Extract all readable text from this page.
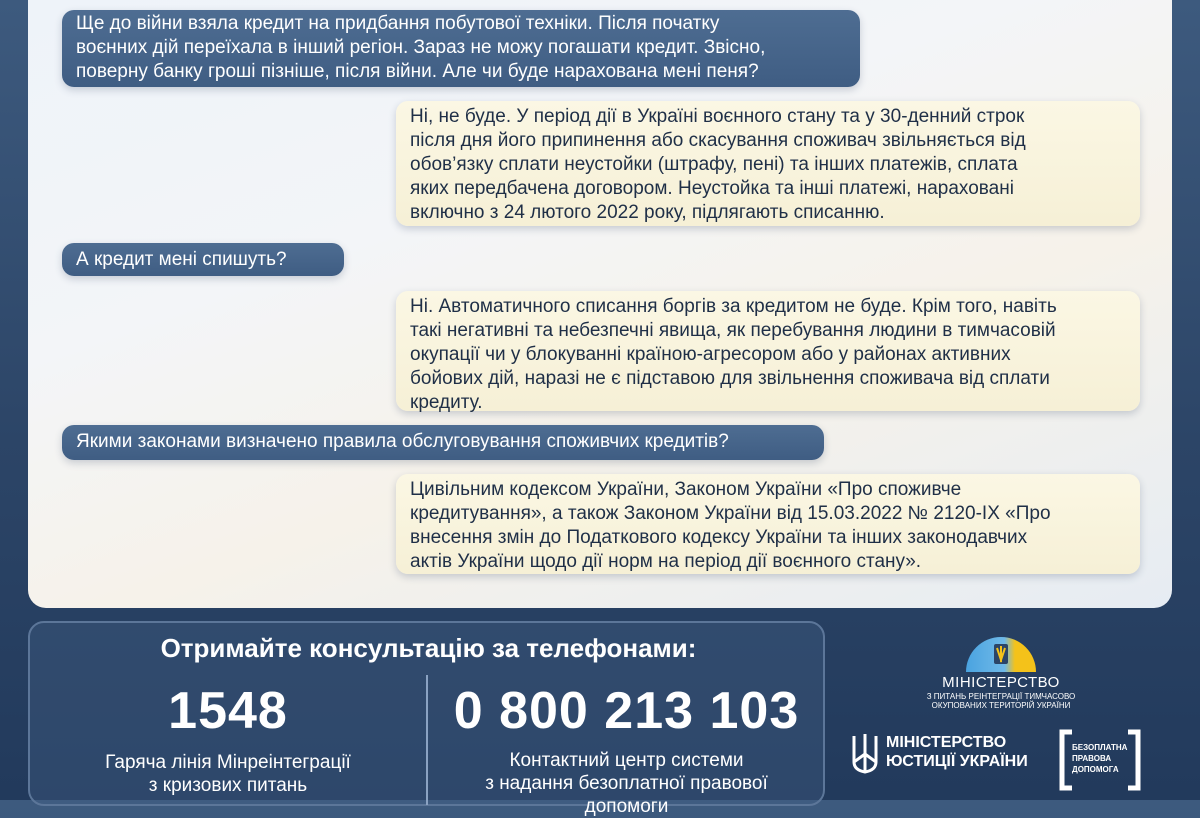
Ще до війни взяла кредит на придбання побутової техніки. Після початку
воєнних дій переїхала в інший регіон. Зараз не можу погашати кредит. Звісно,
поверну банку гроші пізніше, після війни. Але чи буде нарахована мені пеня?
Ні, не буде. У період дії в Україні воєнного стану та у 30-денний строк
після дня його припинення або скасування споживач звільняється від
обов’язку сплати неустойки (штрафу, пені) та інших платежів, сплата
яких передбачена договором. Неустойка та інші платежі, нараховані
включно з 24 лютого 2022 року, підлягають списанню.
А кредит мені спишуть?
Ні. Автоматичного списання боргів за кредитом не буде. Крім того, навіть
такі негативні та небезпечні явища, як перебування людини в тимчасовій
окупації чи у блокуванні країною-агресором або у районах активних
бойових дій, наразі не є підставою для звільнення споживача від сплати
кредиту.
Якими законами визначено правила обслуговування споживчих кредитів?
Цивільним кодексом України, Законом України «Про споживче
кредитування», а також Законом України від 15.03.2022 № 2120-IX «Про
внесення змін до Податкового кодексу України та інших законодавчих
актів України щодо дії норм на період дії воєнного стану».
Отримайте консультацію за телефонами:
1548
Гаряча лінія Мінреінтеграції
з кризових питань
0 800 213 103
Контактний центр системи
з надання безоплатної правової
допомоги
МІНІСТЕРСТВО
З ПИТАНЬ РЕІНТЕГРАЦІЇ ТИМЧАСОВО
ОКУПОВАНИХ ТЕРИТОРІЙ УКРАЇНИ
МІНІСТЕРСТВО
ЮСТИЦІЇ УКРАЇНИ
БЕЗОПЛАТНА
ПРАВОВА
ДОПОМОГА
